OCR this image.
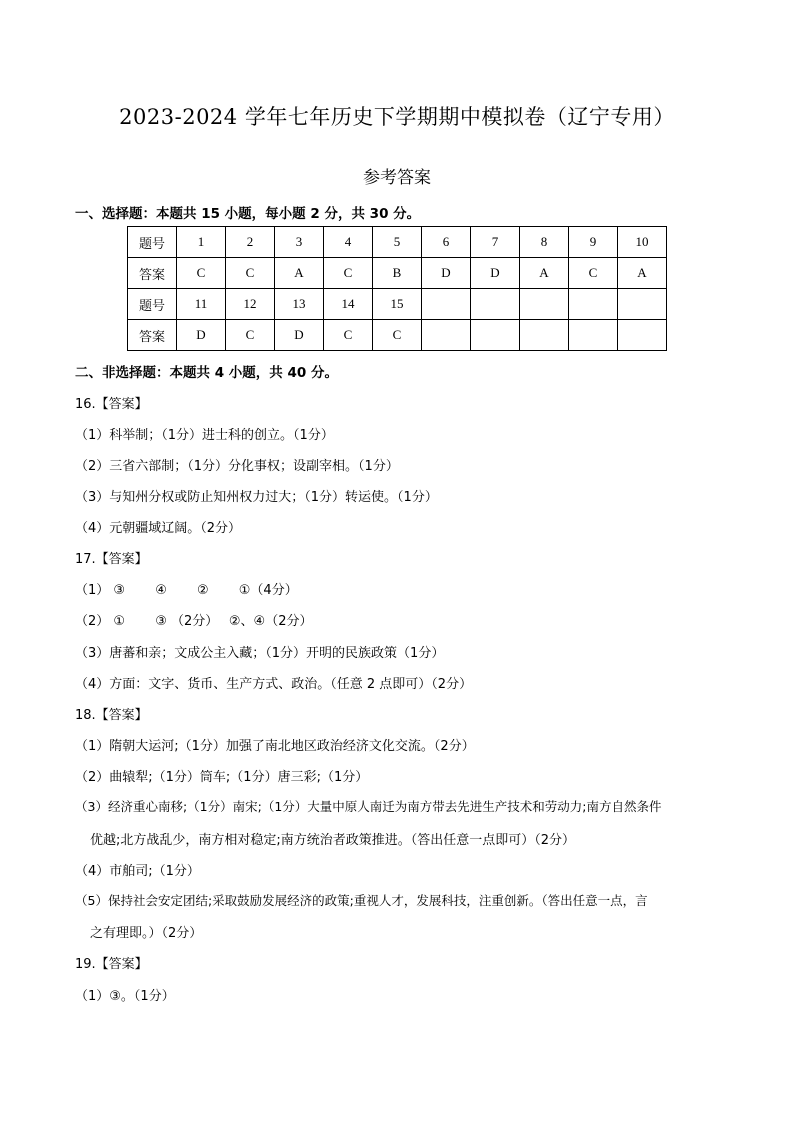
2023-2024 学年七年历史下学期期中模拟卷（辽宁专用）
参考答案

一、选择题：本题共 15 小题，每小题 2 分，共 30 分。

题号	1	2	3	4	5	6	7	8	9	10
答案	C	C	A	C	B	D	D	A	C	A
题号	11	12	13	14	15					
答案	D	C	D	C	C					

二、非选择题：本题共 4 小题，共 40 分。

16.【答案】

（1）科举制；（1分）进士科的创立。（1分）

（2）三省六部制；（1分）分化事权；设副宰相。（1分）

（3）与知州分权或防止知州权力过大；（1分）转运使。（1分）

（4）元朝疆域辽阔。（2分）

17.【答案】

（1） ③　　 ④　　 ②　　 ①（4分）

（2） ①　　 ③ （2分）　 ②、④（2分）

（3）唐蕃和亲；文成公主入藏；（1分）开明的民族政策（1分）

（4）方面：文字、货币、生产方式、政治。（任意 2 点即可）（2分）

18.【答案】

（1）隋朝大运河;（1分）加强了南北地区政治经济文化交流。（2分）

（2）曲辕犁;（1分）筒车;（1分）唐三彩;（1分）

（3）经济重心南移;（1分）南宋;（1分）大量中原人南迁为南方带去先进生产技术和劳动力;南方自然条件

优越;北方战乱少，南方相对稳定;南方统治者政策推进。（答出任意一点即可）（2分）

（4）市舶司;（1分）

（5）保持社会安定团结;采取鼓励发展经济的政策;重视人才，发展科技，注重创新。（答出任意一点，言

之有理即。）（2分）

19.【答案】

（1）③。（1分）
